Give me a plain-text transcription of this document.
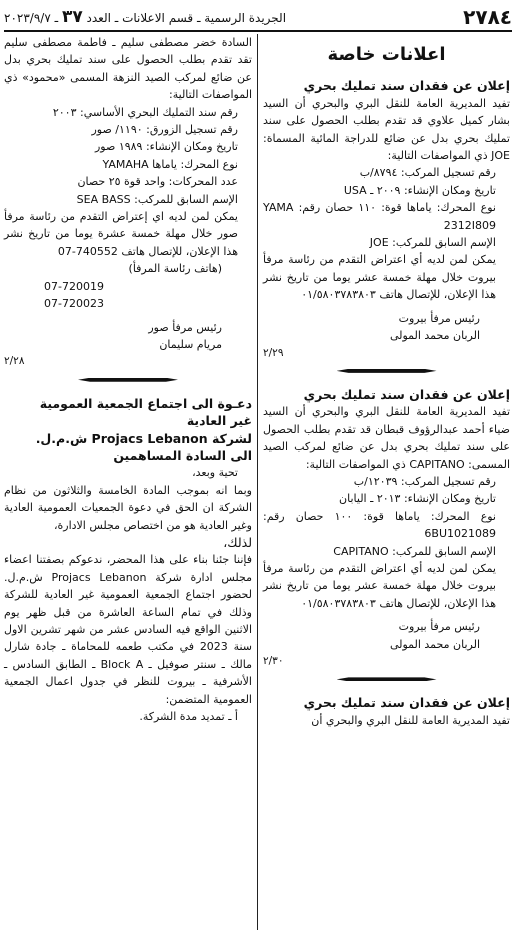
٢٧٨٤
الجريدة الرسمية ـ قسم الاعلانات ـ العدد ٣٧ ـ ٢٠٢٣/٩/٧
اعلانات خاصة

إعلان عن فقدان سند تمليك بحري

تفيد المديرية العامة للنقل البري والبحري أن السيد بشار كميل علاوي قد تقدم بطلب الحصول على سند تمليك بحري بدل عن ضائع للدراجة المائية المسماة: JOE ذي المواصفات التالية:

رقم تسجيل المركب: ٨٧٩٤/ب

تاريخ ومكان الإنشاء: ٢٠٠٩ ـ USA

نوع المحرك: ياماها قوة: ١١٠ حصان رقم: YAMA 2312I809

الإسم السابق للمركب: JOE

يمكن لمن لديه أي اعتراض التقدم من رئاسة مرفأ بيروت خلال مهلة خمسة عشر يوما من تاريخ نشر هذا الإعلان، للإتصال هاتف ٠١/٥٨٠٣٧٨٣٨٠٣

رئيس مرفأ بيروت

الربان محمد المولى

٢/٢٩

إعلان عن فقدان سند تمليك بحري

تفيد المديرية العامة للنقل البري والبحري أن السيد ضياء أحمد عبدالرؤوف قبطان قد تقدم بطلب الحصول على سند تمليك بحري بدل عن ضائع لمركب الصيد المسمى: CAPITANO ذي المواصفات التالية:

رقم تسجيل المركب: ١٢٠٣٩/ب

تاريخ ومكان الإنشاء: ٢٠١٣ ـ اليابان

نوع المحرك: ياماها قوة: ١٠٠ حصان رقم: 6BU1021089

الإسم السابق للمركب: CAPITANO

يمكن لمن لديه أي اعتراض التقدم من رئاسة مرفأ بيروت خلال مهلة خمسة عشر يوما من تاريخ نشر هذا الإعلان، للإتصال هاتف ٠١/٥٨٠٣٧٨٣٨٠٣

رئيس مرفأ بيروت

الربان محمد المولى

٢/٣٠

إعلان عن فقدان سند تمليك بحري

تفيد المديرية العامة للنقل البري والبحري أن

السادة خضر مصطفى سليم ـ فاطمة مصطفى سليم تقد تقدم بطلب الحصول على سند تمليك بحري بدل عن ضائع لمركب الصيد النزهة المسمى «محمود» ذي المواصفات التالية:

رقم سند التمليك البحري الأساسي: ٢٠٠٣

رقم تسجيل الزورق: ١١٩٠/ صور

تاريخ ومكان الإنشاء: ١٩٨٩ صور

نوع المحرك: ياماها YAMAHA

عدد المحركات: واحد قوة ٢٥ حصان

الإسم السابق للمركب: SEA BASS

يمكن لمن لديه اي إعتراض التقدم من رئاسة مرفأ صور خلال مهلة خمسة عشرة يوما من تاريخ نشر هذا الإعلان، للإتصال هاتف 740552-07

(هاتف رئاسة المرفأ)

07-720019

07-720023

رئيس مرفأ صور

مريام سليمان

٢/٢٨

دعـوة الى اجتماع الجمعية العمومية

غير العادية

لشركة Projacs Lebanon ش.م.ل.

الى السادة المساهمين

تحية وبعد،

وبما انه بموجب المادة الخامسة والثلاثون من نظام الشركة ان الحق في دعوة الجمعيات العمومية العادية وغير العادية هو من اختصاص مجلس الادارة،

لذلك،

فإننا جئنا بناء على هذا المحضر، ندعوكم بصفتنا اعضاء مجلس ادارة شركة Projacs Lebanon ش.م.ل. لحضور اجتماع الجمعية العمومية غير العادية للشركة وذلك في تمام الساعة العاشرة من قبل ظهر يوم الاثنين الواقع فيه السادس عشر من شهر تشرين الاول سنة 2023 في مكتب طعمه للمحاماة ـ جادة شارل مالك ـ سنتر صوفيل ـ Block A ـ الطابق السادس ـ الأشرفية ـ بيروت للنظر في جدول اعمال الجمعية العمومية المتضمن:

أ ـ تمديد مدة الشركة.
